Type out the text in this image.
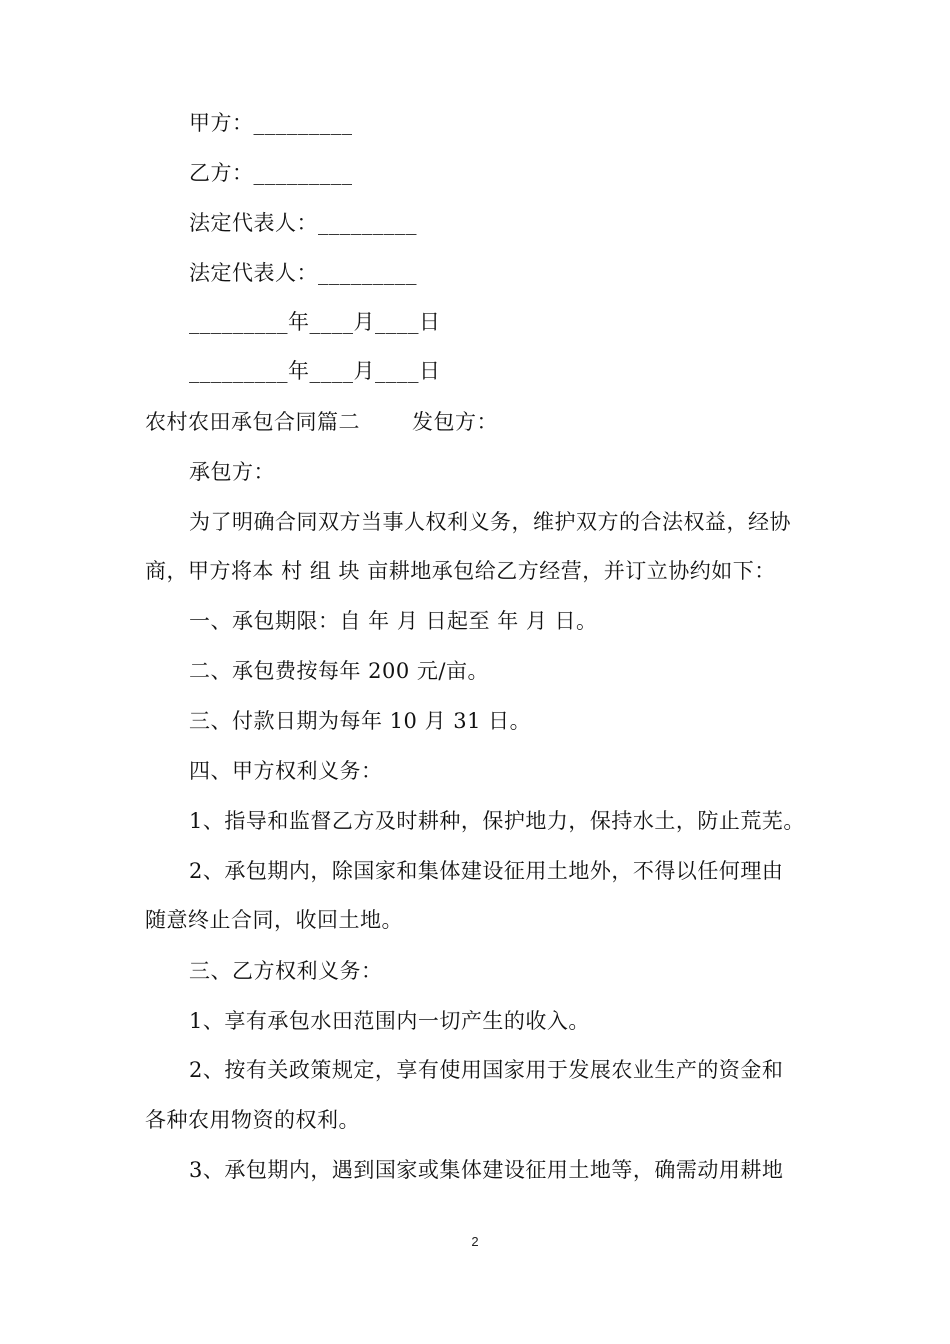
甲方：_________
乙方：_________
法定代表人：_________
法定代表人：_________
_________年____月____日
_________年____月____日
农村农田承包合同篇二 发包方：
承包方：
为了明确合同双方当事人权利义务，维护双方的合法权益，经协
商，甲方将本 村 组 块 亩耕地承包给乙方经营，并订立协约如下：
一、承包期限：自 年 月 日起至 年 月 日。
二、承包费按每年 200 元/亩。
三、付款日期为每年 10 月 31 日。
四、甲方权利义务：
1、指导和监督乙方及时耕种，保护地力，保持水土，防止荒芜。
2、承包期内，除国家和集体建设征用土地外，不得以任何理由
随意终止合同，收回土地。
三、乙方权利义务：
1、享有承包水田范围内一切产生的收入。
2、按有关政策规定，享有使用国家用于发展农业生产的资金和
各种农用物资的权利。
3、承包期内，遇到国家或集体建设征用土地等，确需动用耕地
2
